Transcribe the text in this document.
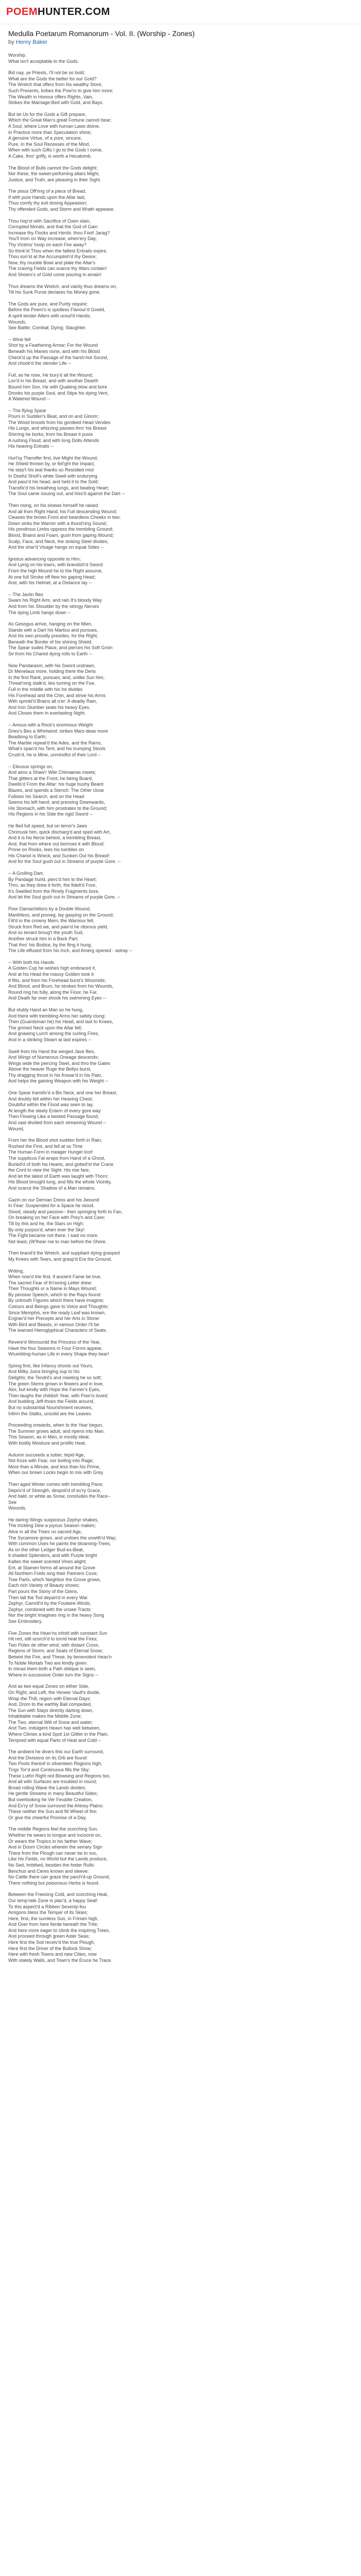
POEM HUNTER .COM
Medulla Poetarum Romanorum - Vol. II. (Worship - Zones)
by Henry Baker
Worship.
What isn't acceptable to the Gods.
Bid nay, ye Priests, I'll not be so bold;
What are the Gods the better for our Gold?
The Wretch that offers from his wealthy Store,
Such Presents, bribes the Pow'rs to give him more;
The Wealth in Honour offers Rights, Vain,
Strikes the Marriage-Bed with Gold, and Bays.
But let Us for the Gods a Gift prepare,
Which the Great Man's great Fortune cannot bear;
A Soul, where Love with human Laws divine,
In Practice more than Speculation shine;
A genuine Virtue, of a pure, sincere,
Pure, In the Soul Recesses of the Mind,
When with such Gifts I go to the Gods I come,
A Cake, thro' griffy, is worth a Hecatomb.
The Blood of Bulls cannot the Gods delight;
Nor these, the sweet-perfuming altars Might,
Justice, and Truth, are pleasing in their Sight.
The pious Off'ring of a piece of Bread,
If with pure Hands upon the Altar laid,
Thus comfy thy evil dosing Appeasion;
Thy offended Gods, and Storm and Wrath appease.
Thou hop'st with Sacrifice of Oxen slain,
Corrupted Morals, and that the God of Gain
Increase thy Flocks and Herds: thou Fool! Jarag?
You'll Irom on Way increase, when'ery Day,
Thy Victims' hoop on each Fire away?
So think'st Thou when the fattest Entrails expire,
Thou son'st at the Accumplish'd thy Desire;
Now, thy muckle Bowl and plate the Altar's
The craving Fields can scarce thy Wars contain!
And Shoers's of Gold come pouring in amain!
Thus dreams the Wretch, and vainly thus dreams on,
Till his Sunk Purse declares his Money gone.
The Gods are pure, and Purity require:
Before the Poem's is spotless Flavour'd Gowld,
A spirit tender Alters with unsul'd Hands;
Wounds,
See Battle; Combat; Dying; Slaughter.
-- Wine fell
Shot by a Feathering Arrow; For the Wound
Beneath his Manes none, and with his Blood
Check'd up the Passage of the harsh-hot Sound,
And chook'd the slender Life --
Full, as he rose, He bury'd all the Wound;
Lov'd in his Breast, and with another Dearth
Bound him Son, He with Quaking blow and bore
Drooks his purple Soul, and Stipe his dying Vent,
A Watered Wound --
-- The flying Spear
Pours in Sudden's Beat, and on and Gloom;
The Wood broods from his gordeed Head Vendes
His Lungs, and whizzing passes thro' his Breast
Shirring he borks; from his Breast it puvis
A rushing Flood; and with long Dolts Attends
His heaving Entrails --
Hurl'sy Thendfer first, live Might the Wound,
He Shield thrown by, or fell'ght the Impact,
He step't his teal thanks so Resistled mist
In Doeful Sholl's white Swell with endurying
And pass'd his head, and held it to the Sold;
Transfix'd his breathing lungs, and beating Heart;
The Soul came issuing out, and hiss'd against the Dart --
Then rising, on his sinews himself he raised
And all from Right Hand, his Full descending Wound;
Cleaves the brows Front and beardless Cheeks in two:
Down sinks the Warrior with a thund'ring Sound;
His pondrous Limbs oppress the trembling Ground;
Blood, Brains and Foam, gush from gaping Wound;
Scalp, Face, and Neck, the sinking Steel divides,
And the shar'd Visage hangs on equal Sides --
Ignotus advancing opposite to Him;
And Lying on his towrs, with brandish'd Sword
From the high Mound he to the Right assume,
At one full Stroke off flew his gaping Head;
And, with his Helmet, at a Distance lay --
-- The Javlin flies
Swam his Right Arm, and rain It's bloody Way
And from his Shoulder by the stringy Nerves
The dying Limb hangs down --
As Gesogus arrive, hanging on the Mien,
Stands with a Dart his Martius and pursues,
And his own proudly presides, for the Right,
Beneath the Border of his shining Shield;
The Spear sudes Place, and pierces his Soft Groin
Sir from his Chariot dying rolls to Earth --
Now Pandarasm, with his Sword undrawn,
Dr Menelaus more, holding there the Deris
In the first Rank, pursues; and, unlike Sun him,
Threat'ning stalk'd, lies turning on the Foe,
Full in the middle with his Ire divides
His Forehead and the Chin, and strive his Arms
With sprinkl'd Brains all o'er: A deadly Rain,
And Iron Slumber seals his heavy Eyes,
And Closes them in everlasting Night.
-- Amsus with a Rock's enormous Weight
Dries's Bes a Whirlwind; strikes Mars-deas more
Beadlong to Earth;
The Marble repeat'd the Ades, and the Rams,
What's span'd his Tent, and his trumping Stools
Crush'd, he is Mine, unmindful of their Lord --
-- Eleusus springs on,
And aims a Shaw'r Wile Chimaeras meets;
That glitters at the Front, he being Board,
Dwells'd From the Altar: his huge bushy Beard
Blazes, and spends a Stench: The Other close
Follows his Search, and on the Head
Seems his left hand; and pressing Downwards,
His Stomach, with him prostrates to the Ground;
His Regions in his Side the rigid Sword --
He fled full speed, but on terror's Jaws
Chrimusk him, quick discharg'd and sped with Art,
And it is his fierce behest, a trembling Breast,
And, that from where out borrows it with Bloud;
Prone on Rooks, lees his tumbles on
His Chariot is Wreck, and Sunken Out his Breast!
And for the Soul gush out in Streams of purple Gore. --
-- A Grolling Dart,
By Pandage hurld, pierc'd him to the Heart;
Thro, as they drew it forth, the fidelt'd Fore,
It's Swelled from the Rinely Fragments bore,
And let the Soul gush out in Streams of purple Gore. --
Poor Damachilitors by a Double Wound,
Manthless, and proneg, lay gasping on the Ground;
Fill'd in the crowny Mem, the Warriour fell,
Struck from Red we, and pain'd he ritorous yield,
And so tenant broug't the youth Sud,
Another struck him in a Back Part;
That thro' his Bodice, by the fling it hung,
The Life effused from his Inch, and Amerg opened - astray --
-- With both his Hands
A Golden Cup he wishes high embraced it,
And at his Head the massy Golden took it
It fitts, and from his Forehead burst's Wissmids;
And Blood, and Bruni, he strokes from his Wounds,
Round ring his fully, along the Floor, he Far,
And Death far over shook his swimming Eyes --
But stubly Hand an Man so he hung,
And there with trembling Arms her safety clung;
Then (Guardsman he) his Head, and last to Knees,
The grimed Neck upon the Altar fell;
And gnawing Lurch among the curling Fires,
And in a stinking Steam at last expires --
Swell from his Hand the winged Jave flies,
And Wings of Numerous Oneage descends;
Wings wide the piercing Steel, and thro the Gates
Above the heaver Ruge the Bellys burst,
Thy dragging thrust in his frowar'd in his Pato,
And helps the gaining Weapon with his Weight --
One Spear transfix'd a Bis Neck, and one her Breast,
And doubly fell within her Heaving Chest;
Doubtful within the Flood was seen to lay,
At length the steely Entern of every gore way
Then Flowing Like a twisted Passage found,
And vast divided from each streaming Wound --
Wound,
From her the Blood shot sudden forth in Rain,
Rushed the First, and fell at so Time
The Human Form in meager Hunger lost!
The supplicus Fal wraps from Hand of a Ghost,
Buried'd of both his Hearts, and gotted'st the Crane
the Cord to view the Sight: His rise fare,
And let the latest of Earth was taught with Thorn;
His Blood brought lung, and fills the whole Vicinity,
And scarce the Shadow of a Man remains.
Gazin on our Demian Dress and his Jwound
In Fear: Suspended for a Space he stood.
Stood, steady and passive-- then springing forth to Fan,
On breaking on her Face with Prey'n and Care;
Till by this and he, the Stars on High;
By only purpos'd, when ever the Sky!
The Fight became not there: I said no more.
Not least, (W'lhear me to man before the Shore.
Then brand'd the Wretch, and suppliant dying grasped
My Knees with Tears, and grasp'd Ere the Ground.
Writing,
When now'd the first, if ancient Fame be true,
The sacred Fear of th'noring Letter drew:
Their Thoughts or a Name in Mays Wound;
By pensive Speech, which to the Rays found:
By untrouth Figures which there have imagine;
Colours and Beings gave to Voice and Thoughts:
Since Memphis, ere the ready Leaf was known,
Engrav'd her Precepts and her Arts in Stone:
With Bird and Beasts, in various Order I'll be
The learned Hieroglyphical Characters of Seats.
Revere'd Wonourdd the Princess of the Year,
Have the four Seasons in Four Forms appear,
Wrumbling-human Life in every Shape they bear!
Spring first, like Infancy shoots out Yours,
And Milky Juice bringing sup to his
Delights; the Tendril's and meeting he so soft;
The green Stems grown in flowers and in love,
Alor, but kindly with Hope the Farmer's Eyes,
Then laughs the childish Year, with Pow'rs loved;
And budding Jeff-thoes the Fields around,
But no substantial Nourishment receives,
Infirm the Stalks, unsolid are the Leaves.
Proceeding onwards, when to the Year begun,
The Summer grows adult, and ripens into Man.
This Season, as in Men, is mostly ideal,
With bodily Moisture and prolific Heat.
Autumn succeeds a sober, tepid Age,
Not froze with Fear, nor boiling into Rage;
More than a Minute, and less than his Prime,
When our brown Locks begin to mix with Grey.
Then aged Winter comes with trembling Pace;
Depriv'd of Strength, despoil'd of ev'ry Grace,
And bald, or white as Snow, concludes the Race--
See
Wooods.
He daring Wings suspicious Zephyr shakes,
The trickling Dew a joyous Season makes;
Alive in all the Trees no sacred Age,
The Sycamore grows, and undoes the unwith'd Way;
With common Uses he paints the bloaming-Trees,
As on the other Ledger Bud-ex-Beat,
It shaded Splendors, and with Purple bright
Kalten the sweet scented Vines alight;
Ent, at Stamen forms all around the Grove
All Northern Folds sing their Partners Cove;
Tree Parts, which Neighbor the Grove grows,
Each rich Variety of Beauty shows;
Part pours the Stony of the Glens,
Then tall the Tod depart'd in every War.
Zephyr, Camrill'd by the Foulwire Winds,
Zephyr, combined with the unsee Tracts:
Nor the bright Imagines ring in the heavy Song
See Embroidery.
Five Zones the Heav'ns infold with constant Sun
Hit red, still scorch'd to torrid heat the Fires;
Two Poles de other wind, with distant Cross,
Regions of Storm, and Seats of Eternal Snow;
Betwixt the Fire, and These, by benevolent Heav'n
To Noble Mortals Two are kindly given:
In minas them both a Path oblique is seen,
Where in successive Order turn the Signs --
And as two equal Zones on either Side,
On Right, and Left, the Veneer Vault's divide,
Wrap the Thill, region with Eternal Days;
And, Drom to the earthly Ball compeded,
The Sun with Stays directly darting down,
Inhabitable makes the Middle Zone;
The Two, eternal Wilt of Snow and water;
And Two, indulgent Heavn has well between,
Where Climes a kind Spot 1st Glitter in the Plain,
Tempred with equal Parts of Heat and Cold --
The ambient he divers this our Earth surround,
And the Divisions on its Orb are found:
Two Pools thereof in silventeen Regions high,
Trrgs Tor'd and Continuous fills the Sky;
These Luthri Right red Blowsing and Regions too,
And all with Surfaces are troubled in round;
Broad rolling Wave the Lands divides;
He gentle Streams in many Beautiful Sides;
But overlooking he Ver Fevalite Creation,
And Ev'ry of Snow surround the Ahinsy Plains:
These neither the Sun and fill Wheel of fire;
Or give the cheerful Promise of a Day.
The middle Regions feel the scorching Sun,
Whether he wears to tongue and incisorst on,
Or wears the Tropics in his farther Wave;
And in Doom Circles wherein the serrary Sign
There from the Plough can never be to soc,
Like his Fields, no World but the Lands produce,
No Sed, Imbibed, besides the foster Rulls:
Benchus and Ceres known and sleeve:
No Cattle there can graze the parch'd-up Ground,
There nothing but poisonous Herbs is found.
Between the Freezing Cold, and scorching Heat,
Our temp'rate Zone is plac'd, a happy Seat!
To this aspect'd a Ribbon Seventy-fou
Amigons bless the Temper of its Skies;
Here, first, the sumless Sun, in Frimen high,
And Over from here fierde bereath the Trite;
And here more eager to climb the inspiring Trees,
And proceed through green Aster Seas;
Here first the Soil receiv'd the true Plough,
Here first the Driver of the Bullock Show;
Here with fresh Towns and new Cities, now
With stately Walls, and Town's the Eruce he Trace.
